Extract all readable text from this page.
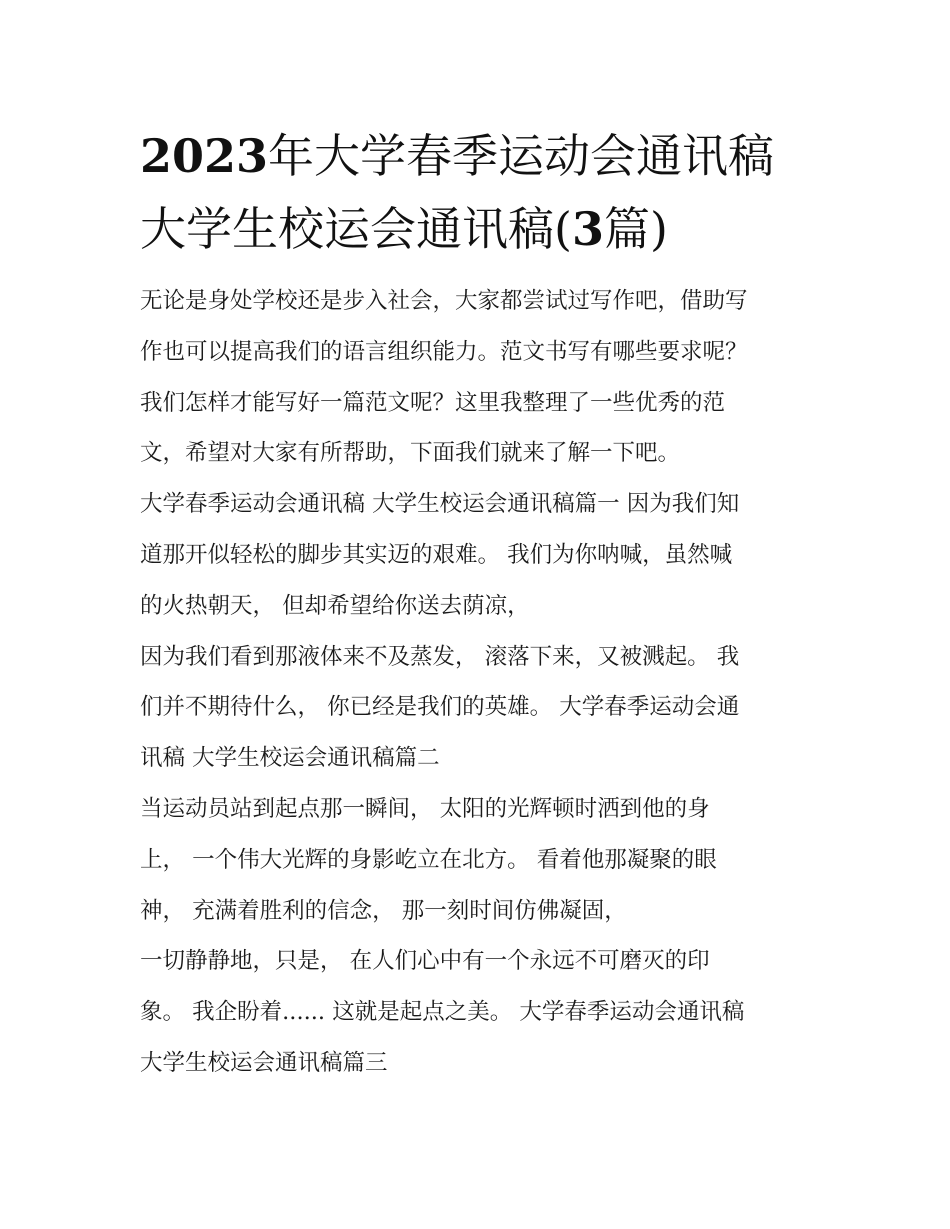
2023年大学春季运动会通讯稿
大学生校运会通讯稿(3篇)
无论是身处学校还是步入社会，大家都尝试过写作吧，借助写
作也可以提高我们的语言组织能力。范文书写有哪些要求呢？
我们怎样才能写好一篇范文呢？这里我整理了一些优秀的范
文，希望对大家有所帮助，下面我们就来了解一下吧。
大学春季运动会通讯稿 大学生校运会通讯稿篇一 因为我们知
道那开似轻松的脚步其实迈的艰难。 我们为你呐喊，虽然喊
的火热朝天， 但却希望给你送去荫凉，
因为我们看到那液体来不及蒸发， 滚落下来，又被溅起。 我
们并不期待什么， 你已经是我们的英雄。 大学春季运动会通
讯稿 大学生校运会通讯稿篇二
当运动员站到起点那一瞬间， 太阳的光辉顿时洒到他的身
上， 一个伟大光辉的身影屹立在北方。 看着他那凝聚的眼
神， 充满着胜利的信念， 那一刻时间仿佛凝固，
一切静静地，只是， 在人们心中有一个永远不可磨灭的印
象。 我企盼着...... 这就是起点之美。 大学春季运动会通讯稿
大学生校运会通讯稿篇三
